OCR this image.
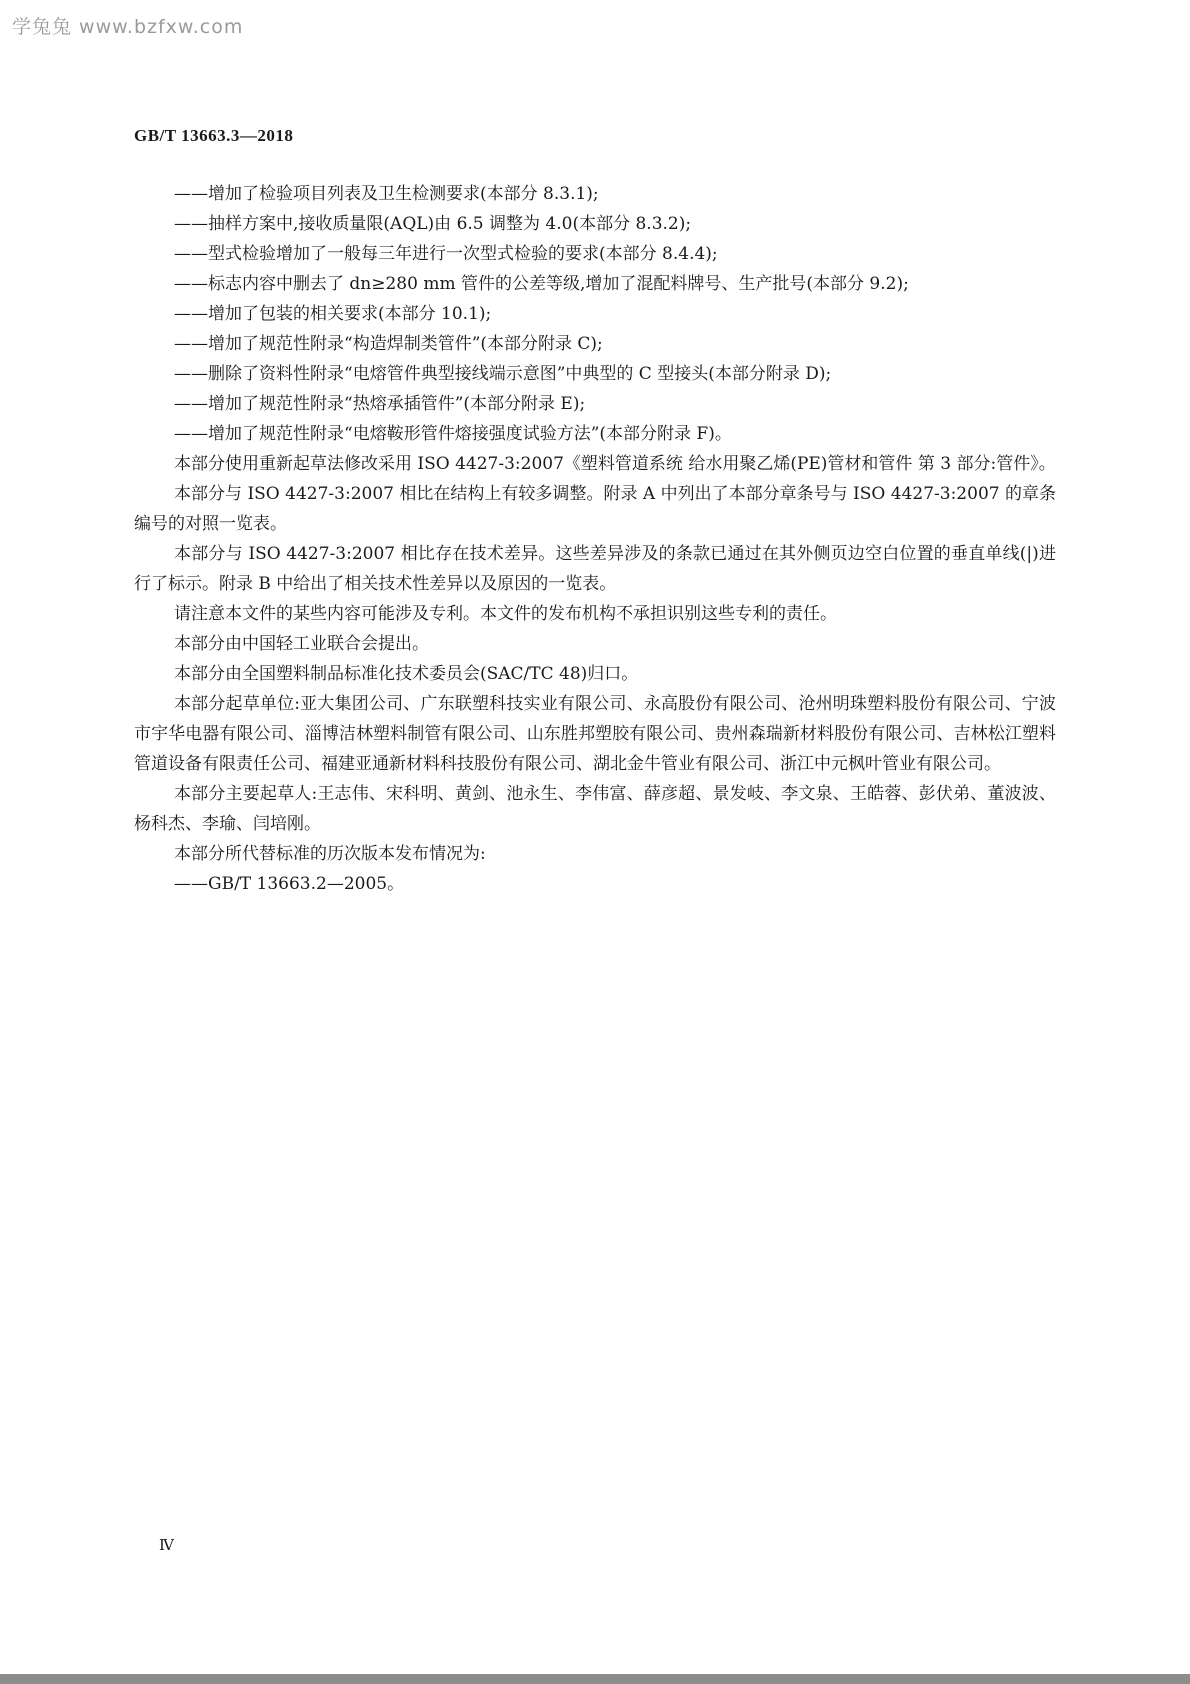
学兔兔 www.bzfxw.com
GB/T 13663.3—2018
——增加了检验项目列表及卫生检测要求(本部分 8.3.1);
——抽样方案中,接收质量限(AQL)由 6.5 调整为 4.0(本部分 8.3.2);
——型式检验增加了一般每三年进行一次型式检验的要求(本部分 8.4.4);
——标志内容中删去了 dn≥280 mm 管件的公差等级,增加了混配料牌号、生产批号(本部分 9.2);
——增加了包装的相关要求(本部分 10.1);
——增加了规范性附录“构造焊制类管件”(本部分附录 C);
——删除了资料性附录“电熔管件典型接线端示意图”中典型的 C 型接头(本部分附录 D);
——增加了规范性附录“热熔承插管件”(本部分附录 E);
——增加了规范性附录“电熔鞍形管件熔接强度试验方法”(本部分附录 F)。

本部分使用重新起草法修改采用 ISO 4427-3:2007《塑料管道系统 给水用聚乙烯(PE)管材和管件 第 3 部分:管件》。

本部分与 ISO 4427-3:2007 相比在结构上有较多调整。附录 A 中列出了本部分章条号与 ISO 4427-3:2007 的章条编号的对照一览表。

本部分与 ISO 4427-3:2007 相比存在技术差异。这些差异涉及的条款已通过在其外侧页边空白位置的垂直单线(|)进行了标示。附录 B 中给出了相关技术性差异以及原因的一览表。

请注意本文件的某些内容可能涉及专利。本文件的发布机构不承担识别这些专利的责任。

本部分由中国轻工业联合会提出。

本部分由全国塑料制品标准化技术委员会(SAC/TC 48)归口。

本部分起草单位:亚大集团公司、广东联塑科技实业有限公司、永高股份有限公司、沧州明珠塑料股份有限公司、宁波市宇华电器有限公司、淄博洁林塑料制管有限公司、山东胜邦塑胶有限公司、贵州森瑞新材料股份有限公司、吉林松江塑料管道设备有限责任公司、福建亚通新材料科技股份有限公司、湖北金牛管业有限公司、浙江中元枫叶管业有限公司。

本部分主要起草人:王志伟、宋科明、黄剑、池永生、李伟富、薛彦超、景发岐、李文泉、王皓蓉、彭伏弟、董波波、杨科杰、李瑜、闫培刚。

本部分所代替标准的历次版本发布情况为:

——GB/T 13663.2—2005。
Ⅳ
